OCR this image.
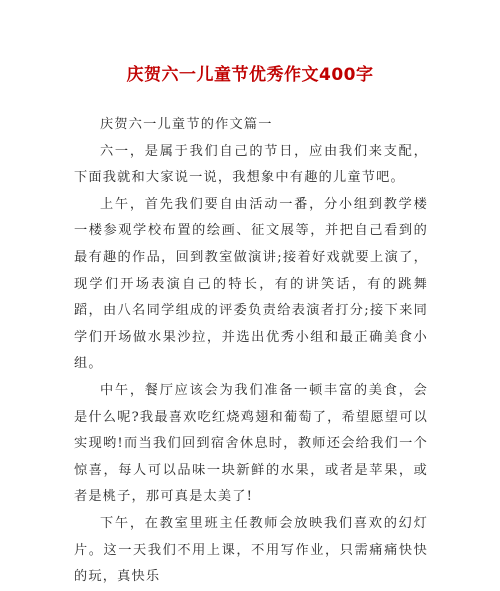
庆贺六一儿童节优秀作文400字

庆贺六一儿童节的作文篇一

六一，是属于我们自己的节日，应由我们来支配，下面我就和大家说一说，我想象中有趣的儿童节吧。

上午，首先我们要自由活动一番，分小组到教学楼一楼参观学校布置的绘画、征文展等，并把自己看到的最有趣的作品，回到教室做演讲;接着好戏就要上演了，现学们开场表演自己的特长，有的讲笑话，有的跳舞蹈，由八名同学组成的评委负责给表演者打分;接下来同学们开场做水果沙拉，并选出优秀小组和最正确美食小组。

中午，餐厅应该会为我们准备一顿丰富的美食，会是什么呢?我最喜欢吃红烧鸡翅和葡萄了，希望愿望可以实现哟!而当我们回到宿舍休息时，教师还会给我们一个惊喜，每人可以品味一块新鲜的水果，或者是苹果，或者是桃子，那可真是太美了!

下午，在教室里班主任教师会放映我们喜欢的幻灯片。这一天我们不用上课，不用写作业，只需痛痛快快的玩，真快乐
